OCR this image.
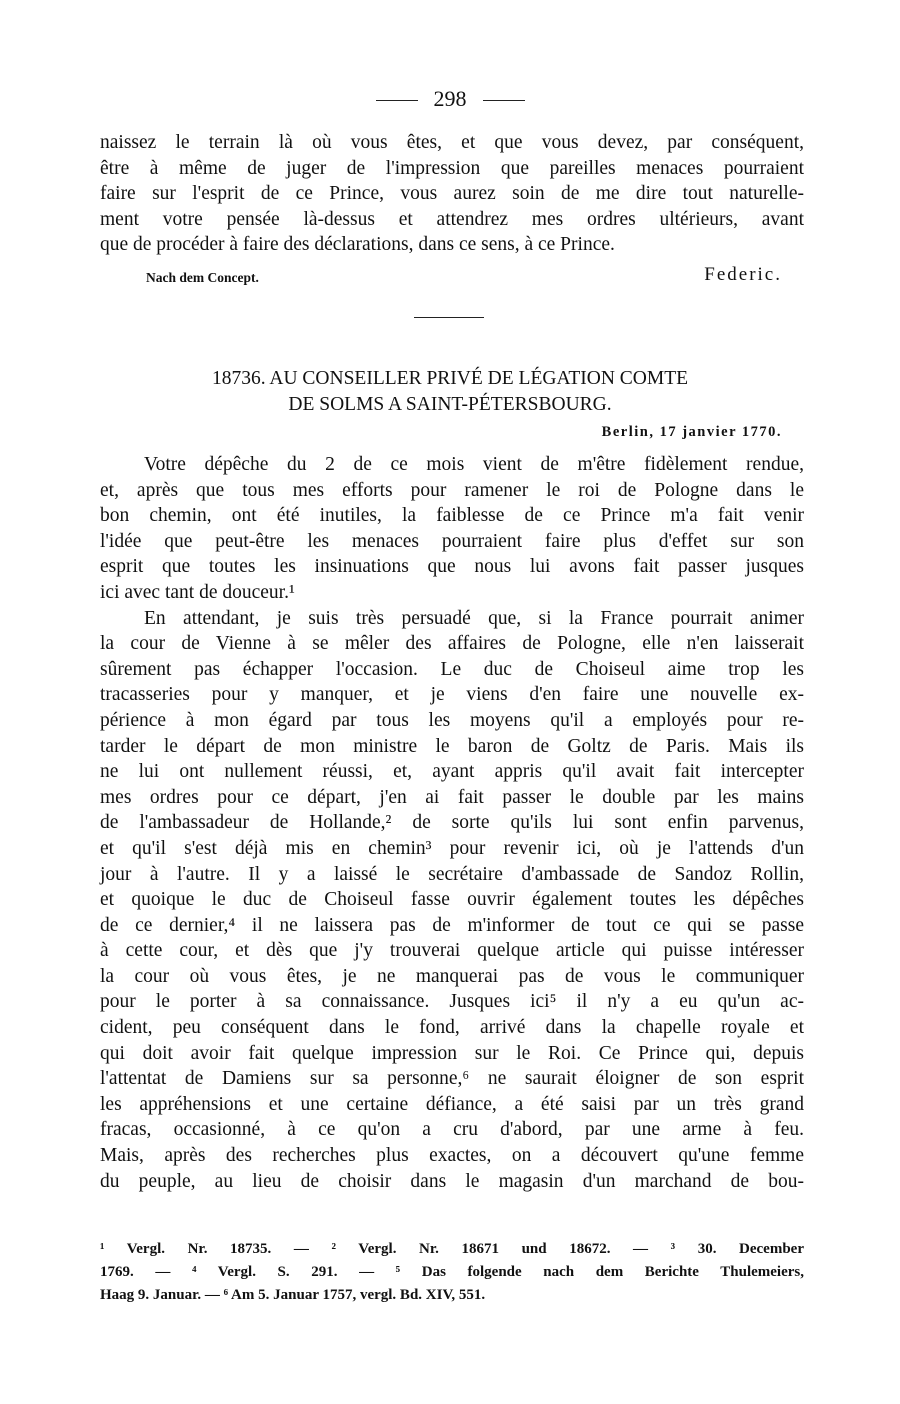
298
naissez le terrain là où vous êtes, et que vous devez, par conséquent,
être à même de juger de l'impression que pareilles menaces pourraient
faire sur l'esprit de ce Prince, vous aurez soin de me dire tout naturelle-
ment votre pensée là-dessus et attendrez mes ordres ultérieurs, avant
que de procéder à faire des déclarations, dans ce sens, à ce Prince.
Nach dem Concept.	Federic.
18736. AU CONSEILLER PRIVÉ DE LÉGATION COMTE
DE SOLMS A SAINT-PÉTERSBOURG.
Berlin, 17 janvier 1770.
Votre dépêche du 2 de ce mois vient de m'être fidèlement rendue,
et, après que tous mes efforts pour ramener le roi de Pologne dans le
bon chemin, ont été inutiles, la faiblesse de ce Prince m'a fait venir
l'idée que peut-être les menaces pourraient faire plus d'effet sur son
esprit que toutes les insinuations que nous lui avons fait passer jusques
ici avec tant de douceur.¹
En attendant, je suis très persuadé que, si la France pourrait animer
la cour de Vienne à se mêler des affaires de Pologne, elle n'en laisserait
sûrement pas échapper l'occasion. Le duc de Choiseul aime trop les
tracasseries pour y manquer, et je viens d'en faire une nouvelle ex-
périence à mon égard par tous les moyens qu'il a employés pour re-
tarder le départ de mon ministre le baron de Goltz de Paris. Mais ils
ne lui ont nullement réussi, et, ayant appris qu'il avait fait intercepter
mes ordres pour ce départ, j'en ai fait passer le double par les mains
de l'ambassadeur de Hollande,² de sorte qu'ils lui sont enfin parvenus,
et qu'il s'est déjà mis en chemin³ pour revenir ici, où je l'attends d'un
jour à l'autre. Il y a laissé le secrétaire d'ambassade de Sandoz Rollin,
et quoique le duc de Choiseul fasse ouvrir également toutes les dépêches
de ce dernier,⁴ il ne laissera pas de m'informer de tout ce qui se passe
à cette cour, et dès que j'y trouverai quelque article qui puisse intéresser
la cour où vous êtes, je ne manquerai pas de vous le communiquer
pour le porter à sa connaissance. Jusques ici⁵ il n'y a eu qu'un ac-
cident, peu conséquent dans le fond, arrivé dans la chapelle royale et
qui doit avoir fait quelque impression sur le Roi. Ce Prince qui, depuis
l'attentat de Damiens sur sa personne,⁶ ne saurait éloigner de son esprit
les appréhensions et une certaine défiance, a été saisi par un très grand
fracas, occasionné, à ce qu'on a cru d'abord, par une arme à feu.
Mais, après des recherches plus exactes, on a découvert qu'une femme
du peuple, au lieu de choisir dans le magasin d'un marchand de bou-
¹ Vergl. Nr. 18735. — ² Vergl. Nr. 18671 und 18672. — ³ 30. December
1769. — ⁴ Vergl. S. 291. — ⁵ Das folgende nach dem Berichte Thulemeiers,
Haag 9. Januar. — ⁶ Am 5. Januar 1757, vergl. Bd. XIV, 551.
